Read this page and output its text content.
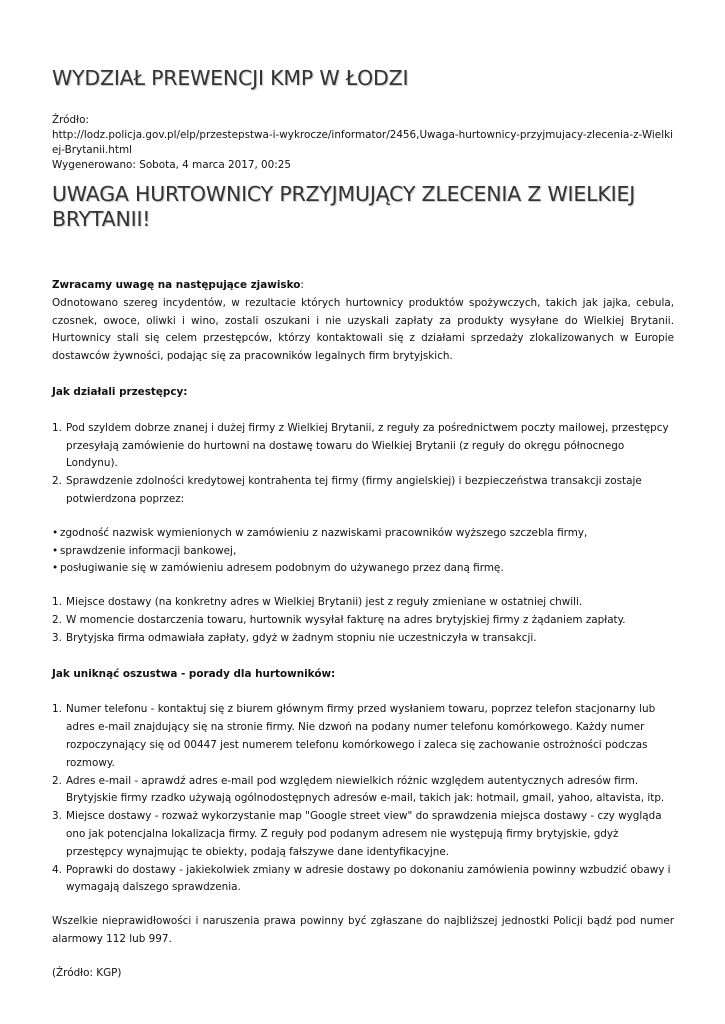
WYDZIAŁ PREWENCJI KMP W ŁODZI
Źródło:
http://lodz.policja.gov.pl/elp/przestepstwa-i-wykrocze/informator/2456,Uwaga-hurtownicy-przyjmujacy-zlecenia-z-Wielkiej-Brytanii.html
Wygenerowano: Sobota, 4 marca 2017, 00:25
UWAGA HURTOWNICY PRZYJMUJĄCY ZLECENIA Z WIELKIEJ BRYTANII!

Zwracamy uwagę na następujące zjawisko:

Odnotowano szereg incydentów, w rezultacie których hurtownicy produktów spożywczych, takich jak jajka, cebula, czosnek, owoce, oliwki i wino, zostali oszukani i nie uzyskali zapłaty za produkty wysyłane do Wielkiej Brytanii. Hurtownicy stali się celem przestępców, którzy kontaktowali się z działami sprzedaży zlokalizowanych w Europie dostawców żywności, podając się za pracowników legalnych firm brytyjskich.

Jak działali przestępcy:

1. Pod szyldem dobrze znanej i dużej firmy z Wielkiej Brytanii, z reguły za pośrednictwem poczty mailowej, przestępcy przesyłają zamówienie do hurtowni na dostawę towaru do Wielkiej Brytanii (z reguły do okręgu północnego Londynu).
2. Sprawdzenie zdolności kredytowej kontrahenta tej firmy (firmy angielskiej) i bezpieczeństwa transakcji zostaje potwierdzona poprzez:
• zgodność nazwisk wymienionych w zamówieniu z nazwiskami pracowników wyższego szczebla firmy,
• sprawdzenie informacji bankowej,
• posługiwanie się w zamówieniu adresem podobnym do używanego przez daną firmę.
1. Miejsce dostawy (na konkretny adres w Wielkiej Brytanii) jest z reguły zmieniane w ostatniej chwili.
2. W momencie dostarczenia towaru, hurtownik wysyłał fakturę na adres brytyjskiej firmy z żądaniem zapłaty.
3. Brytyjska firma odmawiała zapłaty, gdyż w żadnym stopniu nie uczestniczyła w transakcji.

Jak uniknąć oszustwa - porady dla hurtowników:

1. Numer telefonu - kontaktuj się z biurem głównym firmy przed wysłaniem towaru, poprzez telefon stacjonarny lub adres e-mail znajdujący się na stronie firmy. Nie dzwoń na podany numer telefonu komórkowego. Każdy numer rozpoczynający się od 00447 jest numerem telefonu komórkowego i zaleca się zachowanie ostrożności podczas rozmowy.
2. Adres e-mail - aprawdź adres e-mail pod względem niewielkich różnic względem autentycznych adresów firm. Brytyjskie firmy rzadko używają ogólnodostępnych adresów e-mail, takich jak: hotmail, gmail, yahoo, altavista, itp.
3. Miejsce dostawy - rozważ wykorzystanie map "Google street view" do sprawdzenia miejsca dostawy - czy wygląda ono jak potencjalna lokalizacja firmy. Z reguły pod podanym adresem nie występują firmy brytyjskie, gdyż przestępcy wynajmując te obiekty, podają fałszywe dane identyfikacyjne.
4. Poprawki do dostawy - jakiekolwiek zmiany w adresie dostawy po dokonaniu zamówienia powinny wzbudzić obawy i wymagają dalszego sprawdzenia.

Wszelkie nieprawidłowości i naruszenia prawa powinny być zgłaszane do najbliższej jednostki Policji bądź pod numer alarmowy 112 lub 997.

(Źródło: KGP)
